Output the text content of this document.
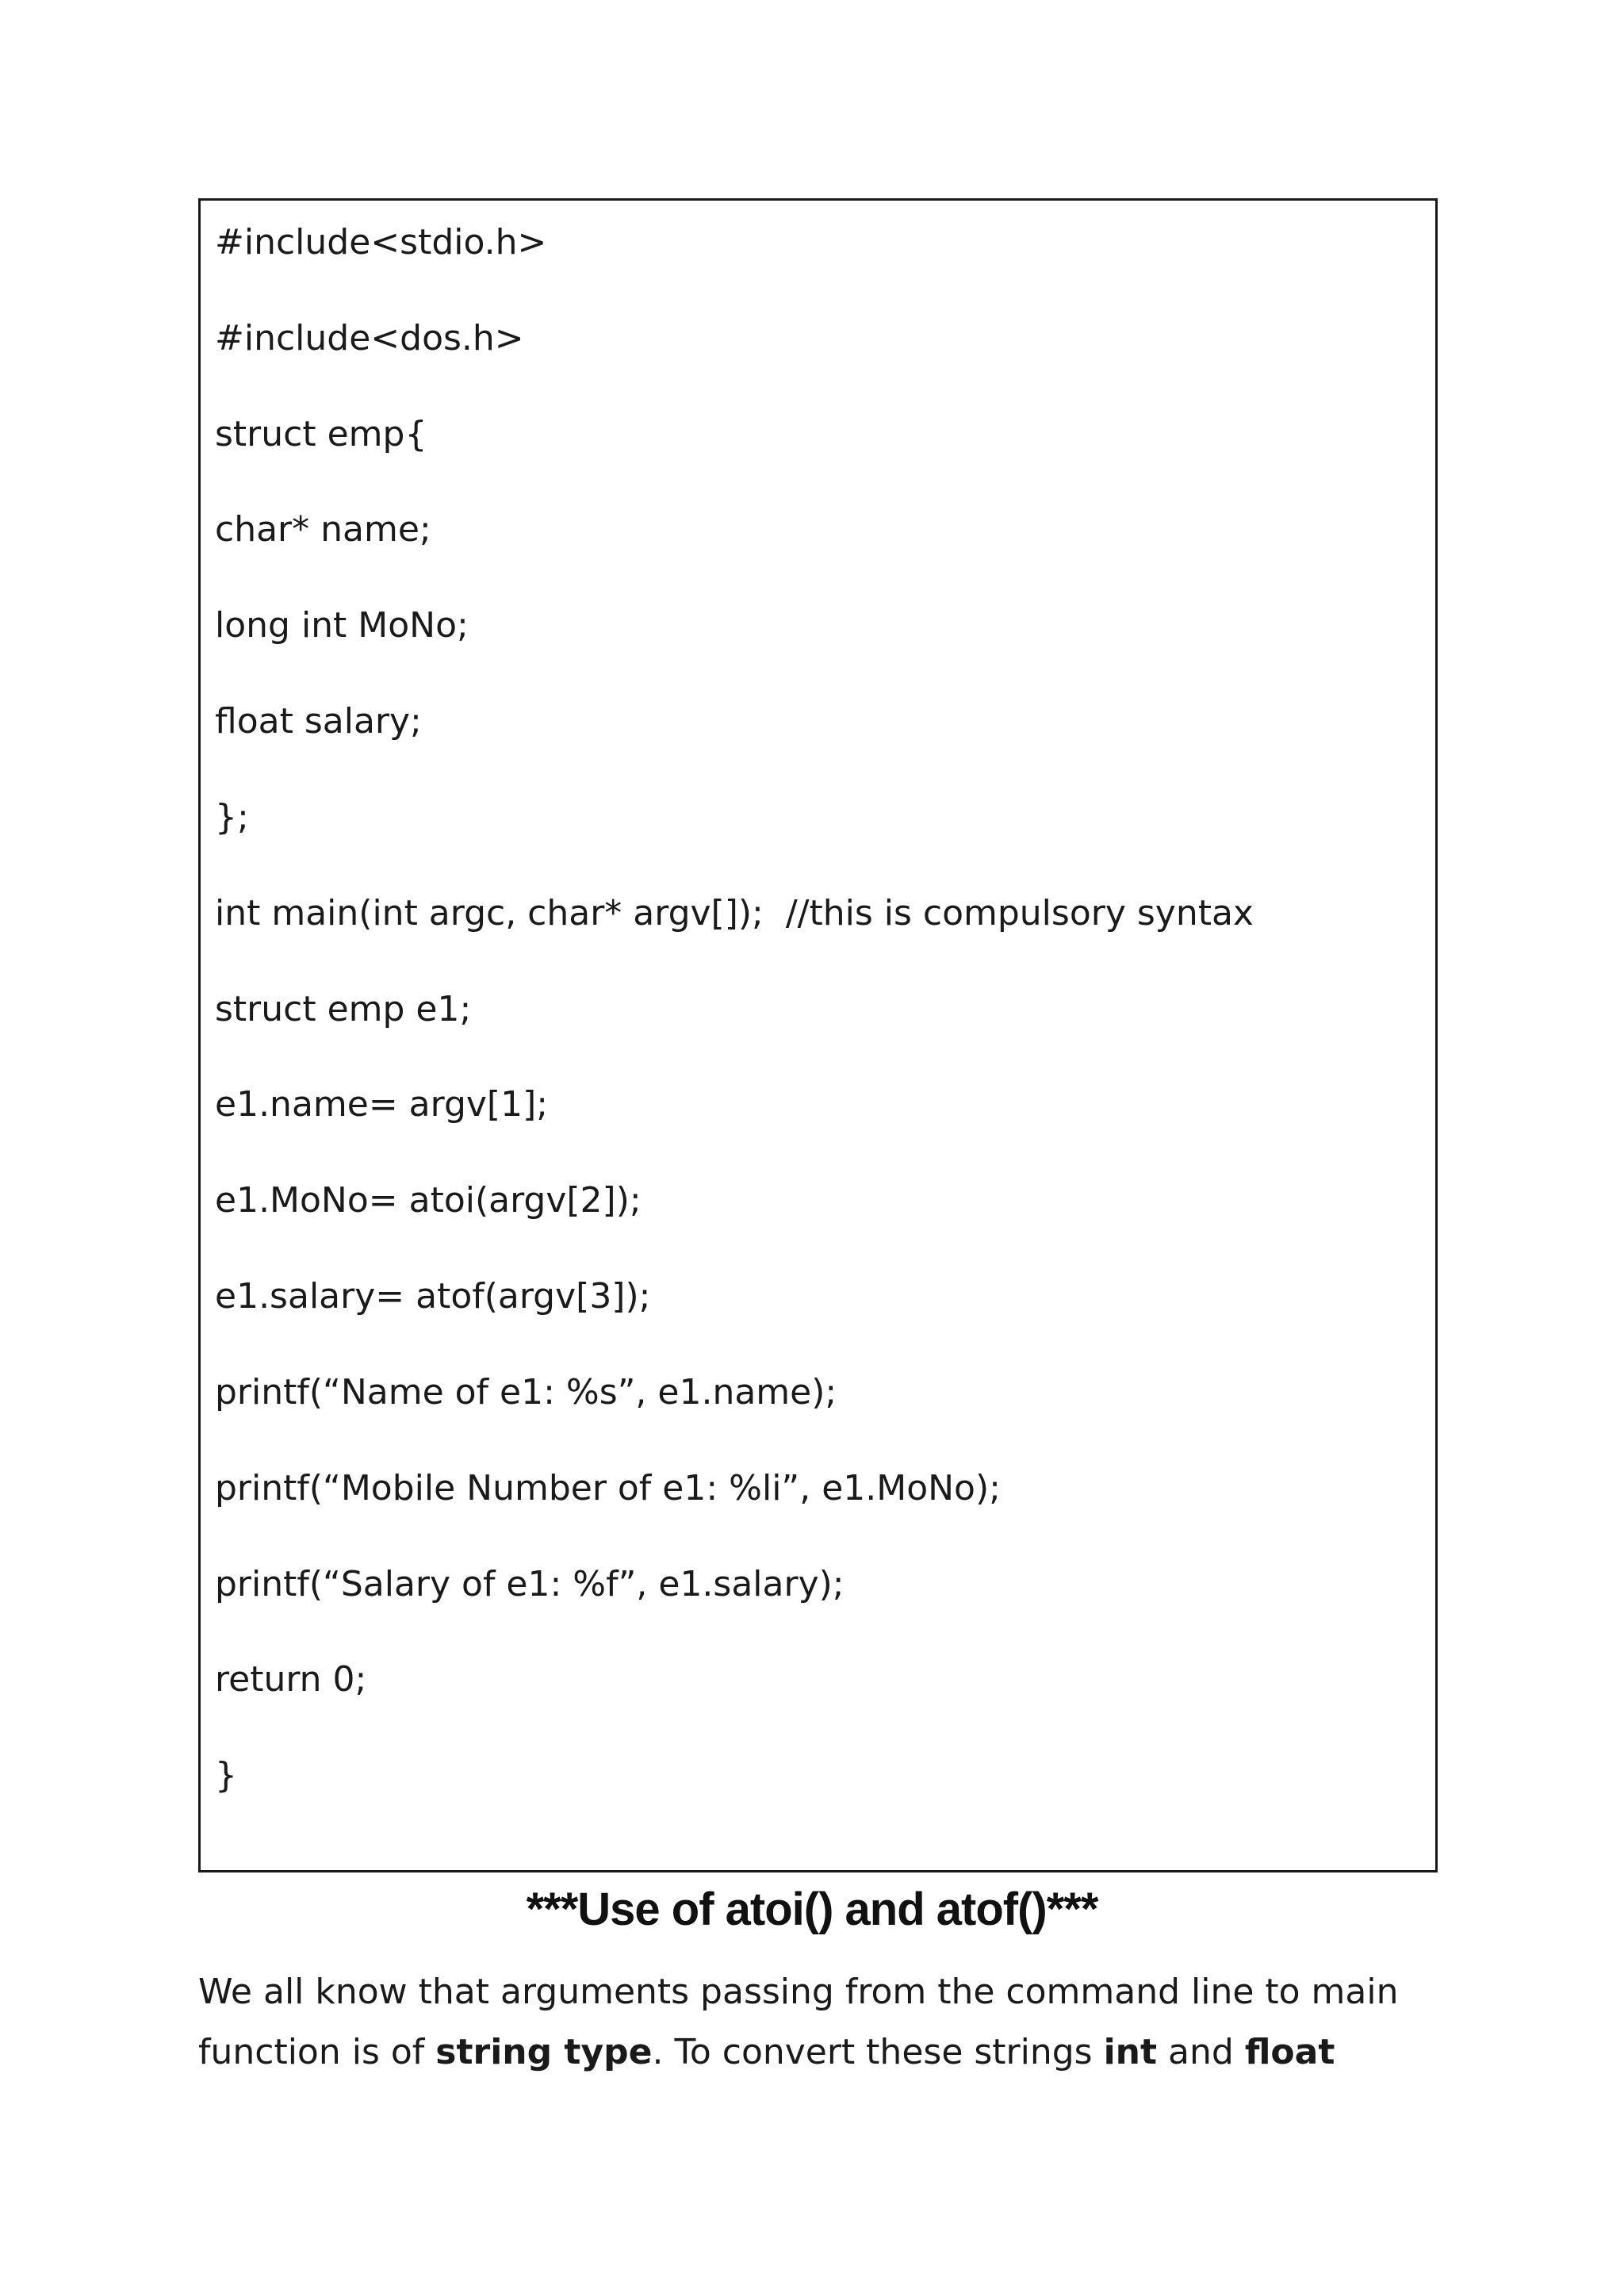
#include<stdio.h>
#include<dos.h>
struct emp{
char* name;
long int MoNo;
float salary;
};
int main(int argc, char* argv[]);  //this is compulsory syntax
struct emp e1;
e1.name= argv[1];
e1.MoNo= atoi(argv[2]);
e1.salary= atof(argv[3]);
printf(“Name of e1: %s”, e1.name);
printf(“Mobile Number of e1: %li”, e1.MoNo);
printf(“Salary of e1: %f”, e1.salary);
return 0;
}
***Use of atoi() and atof()***
We all know that arguments passing from the command line to main
function is of string type. To convert these strings int and float
